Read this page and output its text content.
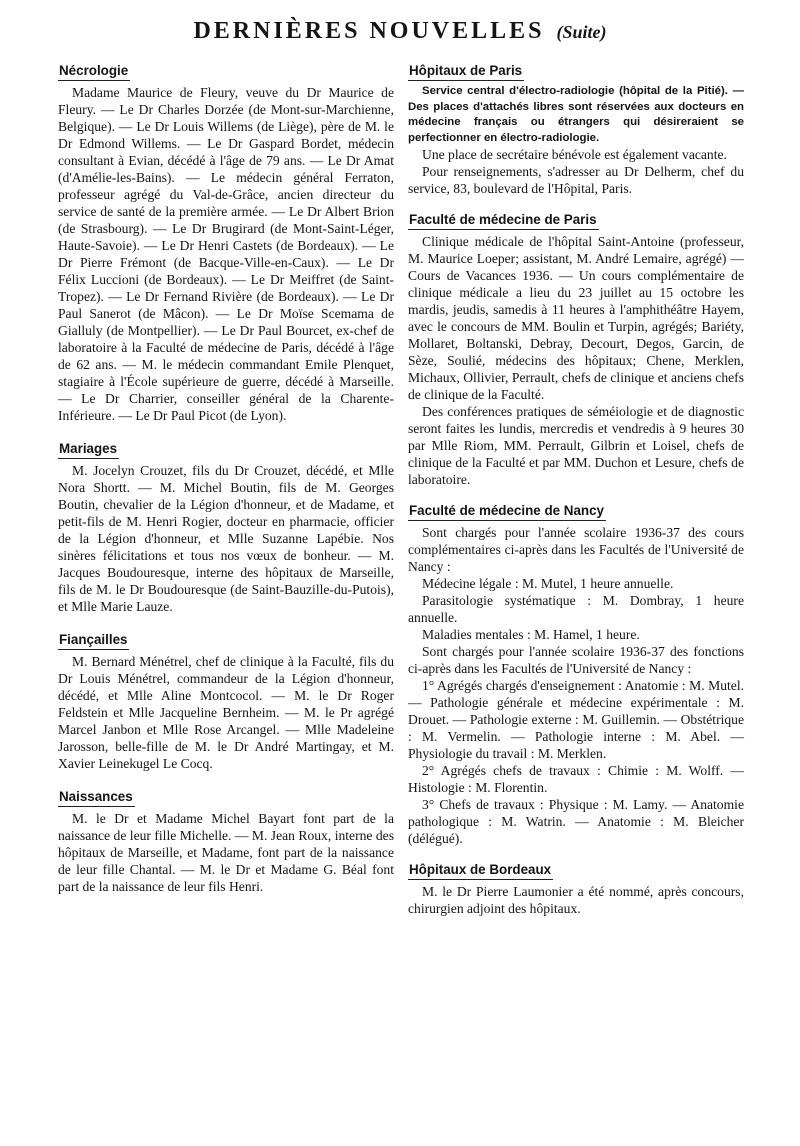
DERNIÈRES NOUVELLES (Suite)
Nécrologie

Madame Maurice de Fleury, veuve du Dr Maurice de Fleury. — Le Dr Charles Dorzée (de Mont-sur-Marchienne, Belgique). — Le Dr Louis Willems (de Liège), père de M. le Dr Edmond Willems. — Le Dr Gaspard Bordet, médecin consultant à Evian, décédé à l'âge de 79 ans. — Le Dr Amat (d'Amélie-les-Bains). — Le médecin général Ferraton, professeur agrégé du Val-de-Grâce, ancien directeur du service de santé de la première armée. — Le Dr Albert Brion (de Strasbourg). — Le Dr Brugirard (de Mont-Saint-Léger, Haute-Savoie). — Le Dr Henri Castets (de Bordeaux). — Le Dr Pierre Frémont (de Bacque-Ville-en-Caux). — Le Dr Félix Luccioni (de Bordeaux). — Le Dr Meiffret (de Saint-Tropez). — Le Dr Fernand Rivière (de Bordeaux). — Le Dr Paul Sanerot (de Mâcon). — Le Dr Moïse Scemama de Gialluly (de Montpellier). — Le Dr Paul Bourcet, ex-chef de laboratoire à la Faculté de médecine de Paris, décédé à l'âge de 62 ans. — M. le médecin commandant Emile Plenquet, stagiaire à l'École supérieure de guerre, décédé à Marseille. — Le Dr Charrier, conseiller général de la Charente-Inférieure. — Le Dr Paul Picot (de Lyon).

Mariages

M. Jocelyn Crouzet, fils du Dr Crouzet, décédé, et Mlle Nora Shortt. — M. Michel Boutin, fils de M. Georges Boutin, chevalier de la Légion d'honneur, et de Madame, et petit-fils de M. Henri Rogier, docteur en pharmacie, officier de la Légion d'honneur, et Mlle Suzanne Lapébie. Nos sinères félicitations et tous nos vœux de bonheur. — M. Jacques Boudouresque, interne des hôpitaux de Marseille, fils de M. le Dr Boudouresque (de Saint-Bauzille-du-Putois), et Mlle Marie Lauze.

Fiançailles

M. Bernard Ménétrel, chef de clinique à la Faculté, fils du Dr Louis Ménétrel, commandeur de la Légion d'honneur, décédé, et Mlle Aline Montcocol. — M. le Dr Roger Feldstein et Mlle Jacqueline Bernheim. — M. le Pr agrégé Marcel Janbon et Mlle Rose Arcangel. — Mlle Madeleine Jarosson, belle-fille de M. le Dr André Martingay, et M. Xavier Leinekugel Le Cocq.

Naissances

M. le Dr et Madame Michel Bayart font part de la naissance de leur fille Michelle. — M. Jean Roux, interne des hôpitaux de Marseille, et Madame, font part de la naissance de leur fille Chantal. — M. le Dr et Madame G. Béal font part de la naissance de leur fils Henri.

Hôpitaux de Paris

Service central d'électro-radiologie (hôpital de la Pitié). — Des places d'attachés libres sont réservées aux docteurs en médecine français ou étrangers qui désireraient se perfectionner en électro-radiologie.

Une place de secrétaire bénévole est également vacante.

Pour renseignements, s'adresser au Dr Delherm, chef du service, 83, boulevard de l'Hôpital, Paris.

Faculté de médecine de Paris

Clinique médicale de l'hôpital Saint-Antoine (professeur, M. Maurice Loeper; assistant, M. André Lemaire, agrégé) — Cours de Vacances 1936. — Un cours complémentaire de clinique médicale a lieu du 23 juillet au 15 octobre les mardis, jeudis, samedis à 11 heures à l'amphithéâtre Hayem, avec le concours de MM. Boulin et Turpin, agrégés; Bariéty, Mollaret, Boltanski, Debray, Decourt, Degos, Garcin, de Sèze, Soulié, médecins des hôpitaux; Chene, Merklen, Michaux, Ollivier, Perrault, chefs de clinique et anciens chefs de clinique de la Faculté.

Des conférences pratiques de séméiologie et de diagnostic seront faites les lundis, mercredis et vendredis à 9 heures 30 par Mlle Riom, MM. Perrault, Gilbrin et Loisel, chefs de clinique de la Faculté et par MM. Duchon et Lesure, chefs de laboratoire.

Faculté de médecine de Nancy

Sont chargés pour l'année scolaire 1936-37 des cours complémentaires ci-après dans les Facultés de l'Université de Nancy :

Médecine légale : M. Mutel, 1 heure annuelle.

Parasitologie systématique : M. Dombray, 1 heure annuelle.

Maladies mentales : M. Hamel, 1 heure.

Sont chargés pour l'année scolaire 1936-37 des fonctions ci-après dans les Facultés de l'Université de Nancy :

1° Agrégés chargés d'enseignement : Anatomie : M. Mutel. — Pathologie générale et médecine expérimentale : M. Drouet. — Pathologie externe : M. Guillemin. — Obstétrique : M. Vermelin. — Pathologie interne : M. Abel. — Physiologie du travail : M. Merklen.

2° Agrégés chefs de travaux : Chimie : M. Wolff. — Histologie : M. Florentin.

3° Chefs de travaux : Physique : M. Lamy. — Anatomie pathologique : M. Watrin. — Anatomie : M. Bleicher (délégué).

Hôpitaux de Bordeaux

M. le Dr Pierre Laumonier a été nommé, après concours, chirurgien adjoint des hôpitaux.
